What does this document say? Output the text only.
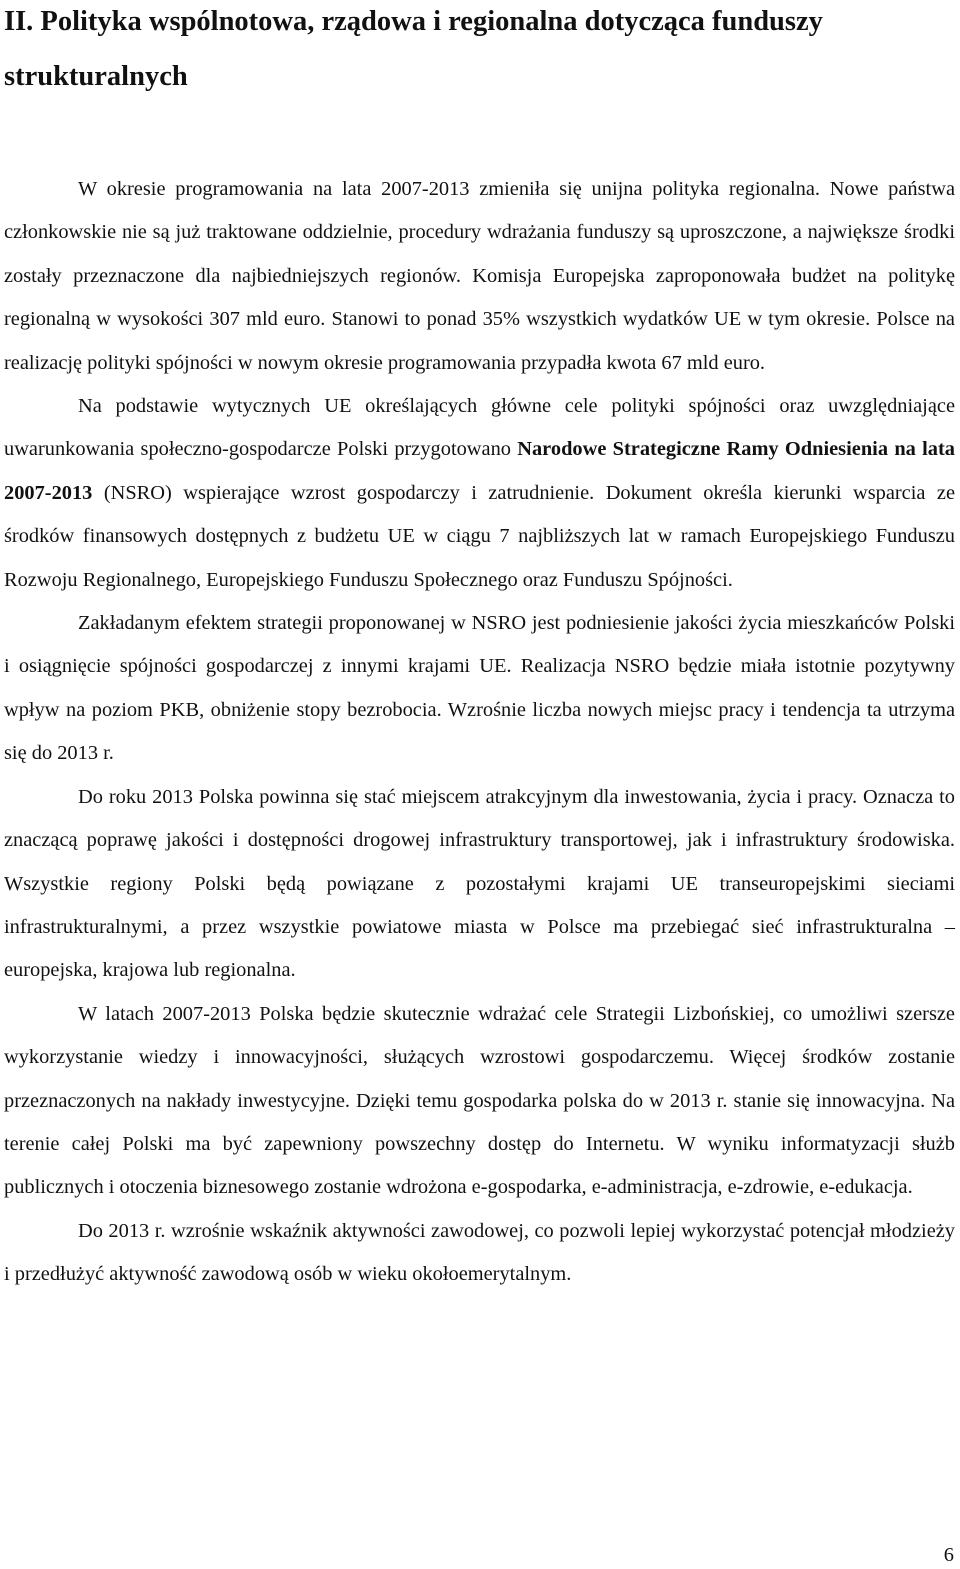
II. Polityka wspólnotowa, rządowa i regionalna dotycząca funduszy strukturalnych

W okresie programowania na lata 2007-2013 zmieniła się unijna polityka regionalna. Nowe państwa członkowskie nie są już traktowane oddzielnie, procedury wdrażania funduszy są uproszczone, a największe środki zostały przeznaczone dla najbiedniejszych regionów. Komisja Europejska zaproponowała budżet na politykę regionalną w wysokości 307 mld euro. Stanowi to ponad 35% wszystkich wydatków UE w tym okresie. Polsce na realizację polityki spójności w nowym okresie programowania przypadła kwota 67 mld euro.

Na podstawie wytycznych UE określających główne cele polityki spójności oraz uwzględniające uwarunkowania społeczno-gospodarcze Polski przygotowano Narodowe Strategiczne Ramy Odniesienia na lata 2007-2013 (NSRO) wspierające wzrost gospodarczy i zatrudnienie. Dokument określa kierunki wsparcia ze środków finansowych dostępnych z budżetu UE w ciągu 7 najbliższych lat w ramach Europejskiego Funduszu Rozwoju Regionalnego, Europejskiego Funduszu Społecznego oraz Funduszu Spójności.

Zakładanym efektem strategii proponowanej w NSRO jest podniesienie jakości życia mieszkańców Polski i osiągnięcie spójności gospodarczej z innymi krajami UE. Realizacja NSRO będzie miała istotnie pozytywny wpływ na poziom PKB, obniżenie stopy bezrobocia. Wzrośnie liczba nowych miejsc pracy i tendencja ta utrzyma się do 2013 r.

Do roku 2013 Polska powinna się stać miejscem atrakcyjnym dla inwestowania, życia i pracy. Oznacza to znaczącą poprawę jakości i dostępności drogowej infrastruktury transportowej, jak i infrastruktury środowiska. Wszystkie regiony Polski będą powiązane z pozostałymi krajami UE transeuropejskimi sieciami infrastrukturalnymi, a przez wszystkie powiatowe miasta w Polsce ma przebiegać sieć infrastrukturalna – europejska, krajowa lub regionalna.

W latach 2007-2013 Polska będzie skutecznie wdrażać cele Strategii Lizbońskiej, co umożliwi szersze wykorzystanie wiedzy i innowacyjności, służących wzrostowi gospodarczemu. Więcej środków zostanie przeznaczonych na nakłady inwestycyjne. Dzięki temu gospodarka polska do w 2013 r. stanie się innowacyjna. Na terenie całej Polski ma być zapewniony powszechny dostęp do Internetu. W wyniku informatyzacji służb publicznych i otoczenia biznesowego zostanie wdrożona e-gospodarka, e-administracja, e-zdrowie, e-edukacja.

Do 2013 r. wzrośnie wskaźnik aktywności zawodowej, co pozwoli lepiej wykorzystać potencjał młodzieży i przedłużyć aktywność zawodową osób w wieku okołoemerytalnym.

6
